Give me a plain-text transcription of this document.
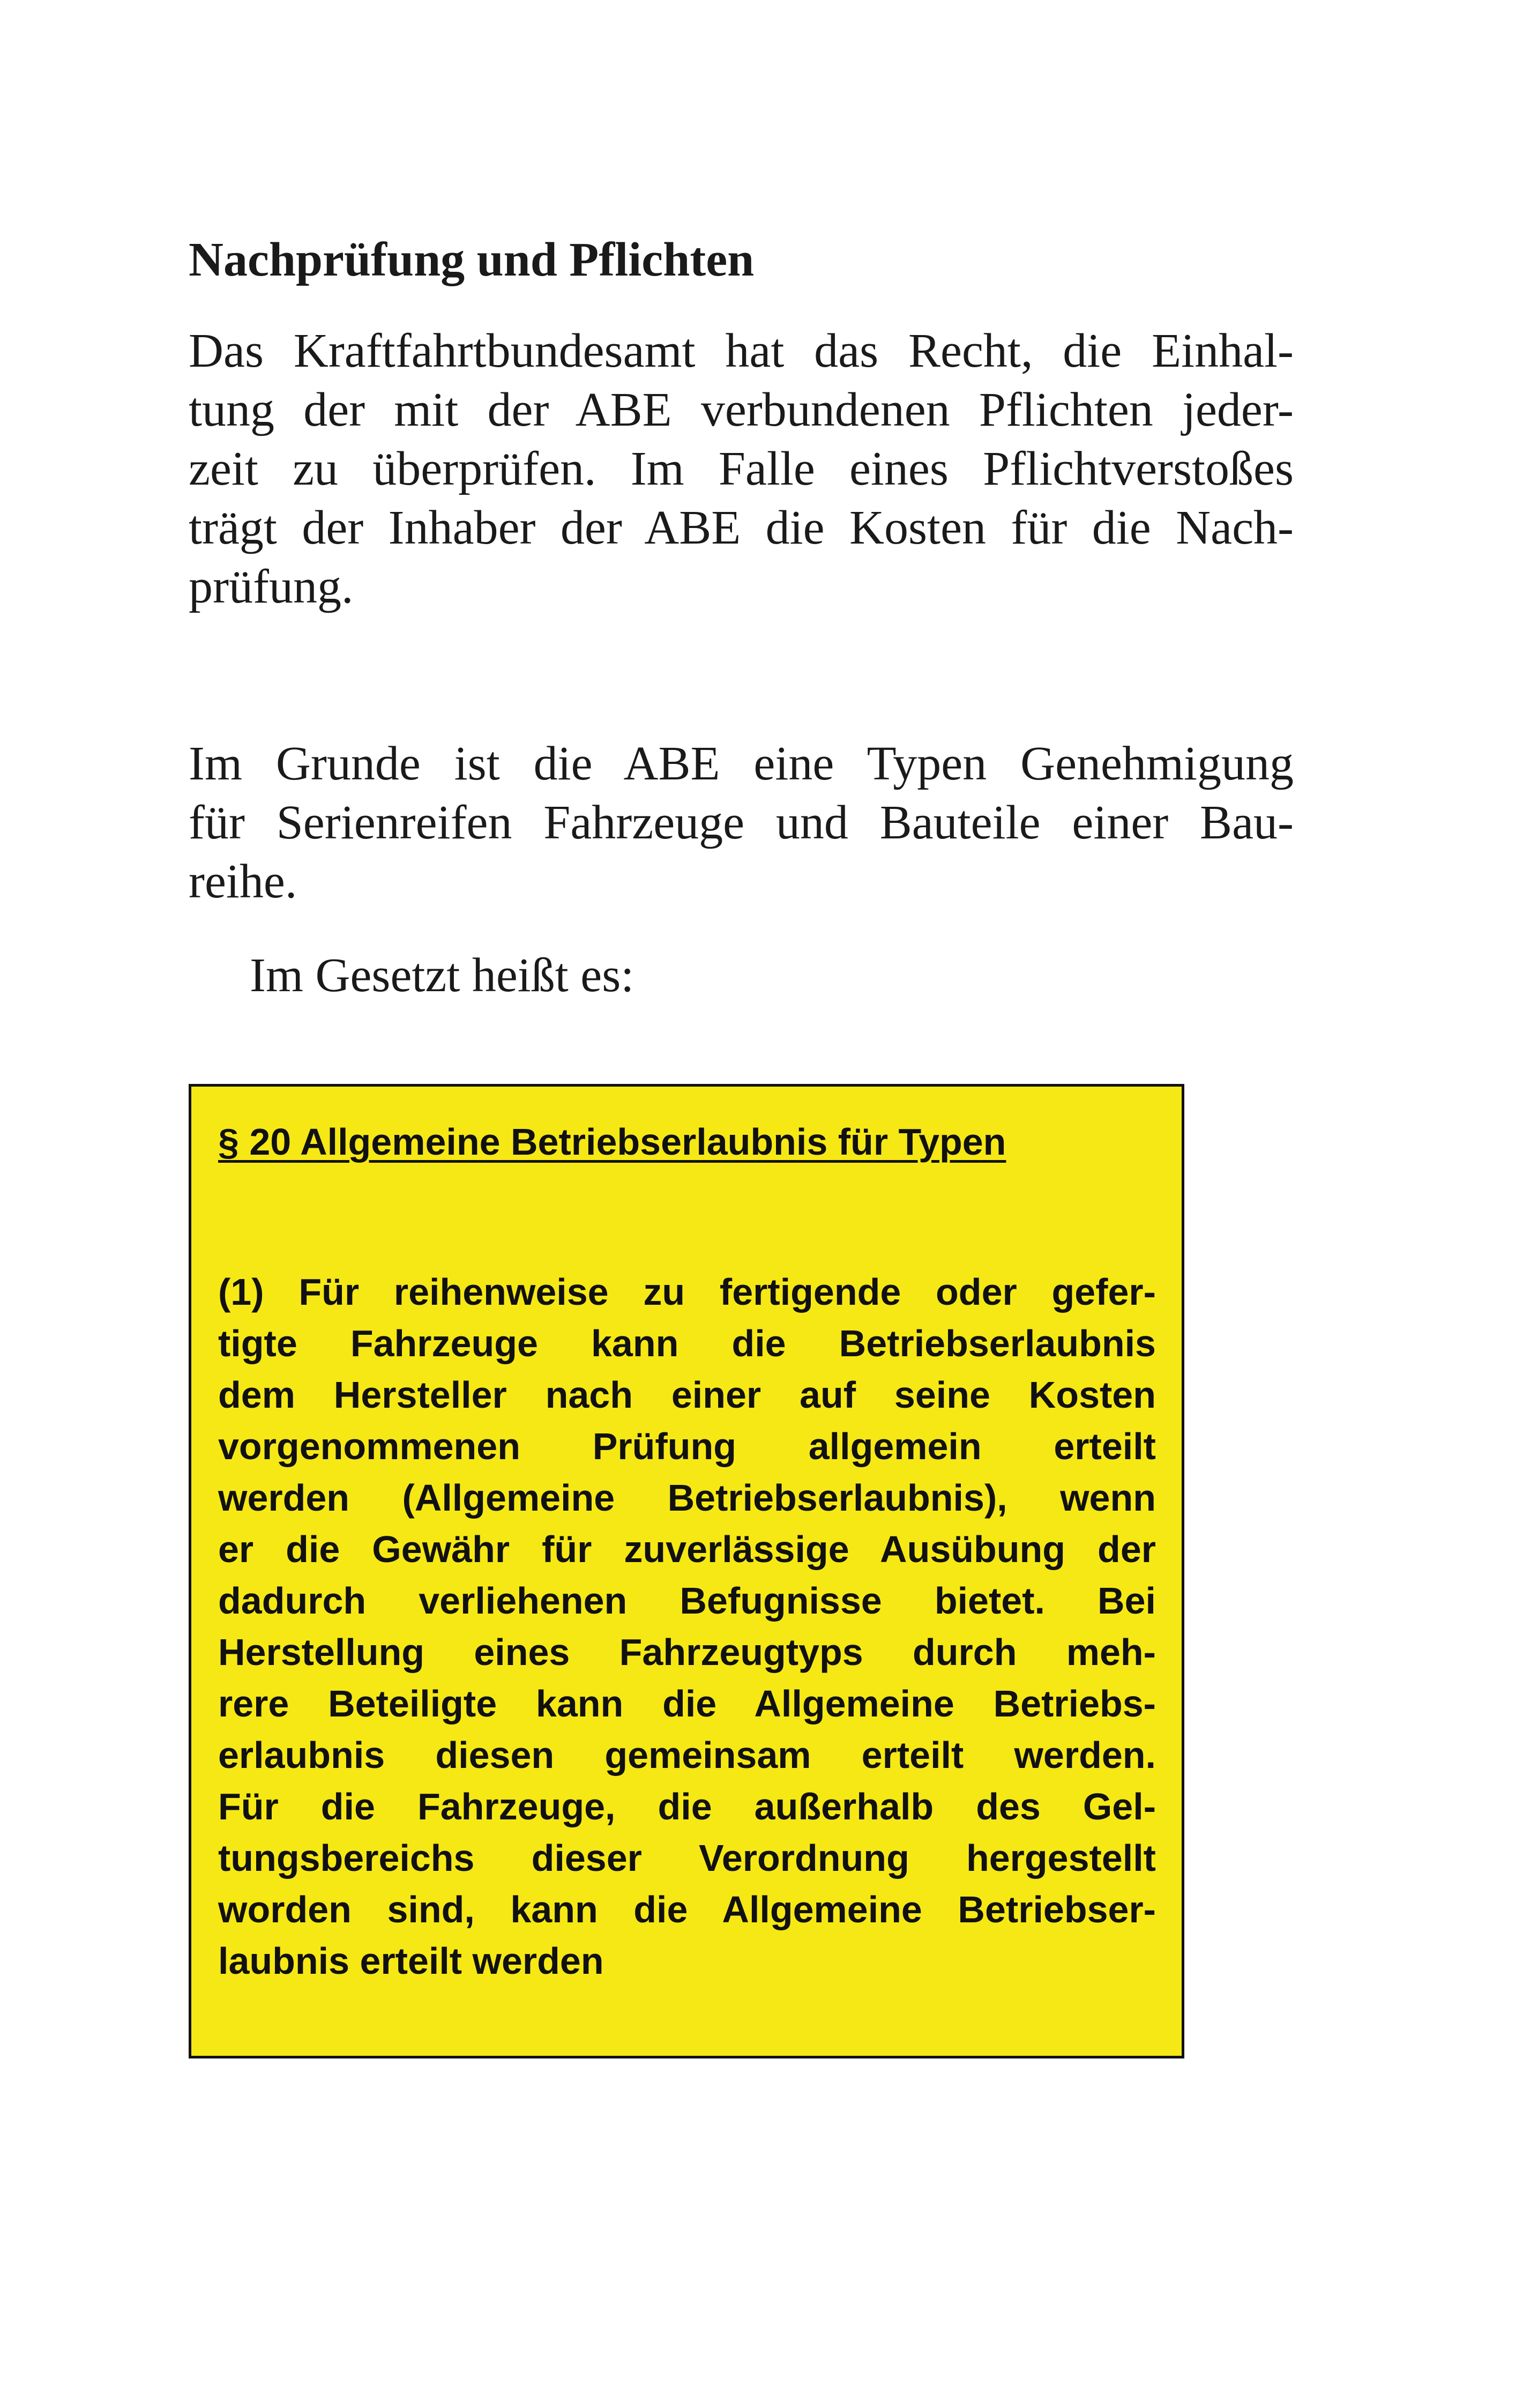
Nachprüfung und Pflichten
Das Kraftfahrtbundesamt hat das Recht, die Einhal-
tung der mit der ABE verbundenen Pflichten jeder-
zeit zu überprüfen. Im Falle eines Pflichtverstoßes
trägt der Inhaber der ABE die Kosten für die Nach-
prüfung.
Im Grunde ist die ABE eine Typen Genehmigung
für Serienreifen Fahrzeuge und Bauteile einer Bau-
reihe.
Im Gesetzt heißt es:
§ 20 Allgemeine Betriebserlaubnis für Typen
(1) Für reihenweise zu fertigende oder gefer-
tigte Fahrzeuge kann die Betriebserlaubnis
dem Hersteller nach einer auf seine Kosten
vorgenommenen Prüfung allgemein erteilt
werden (Allgemeine Betriebserlaubnis), wenn
er die Gewähr für zuverlässige Ausübung der
dadurch verliehenen Befugnisse bietet. Bei
Herstellung eines Fahrzeugtyps durch meh-
rere Beteiligte kann die Allgemeine Betriebs-
erlaubnis diesen gemeinsam erteilt werden.
Für die Fahrzeuge, die außerhalb des Gel-
tungsbereichs dieser Verordnung hergestellt
worden sind, kann die Allgemeine Betriebser-
laubnis erteilt werden
